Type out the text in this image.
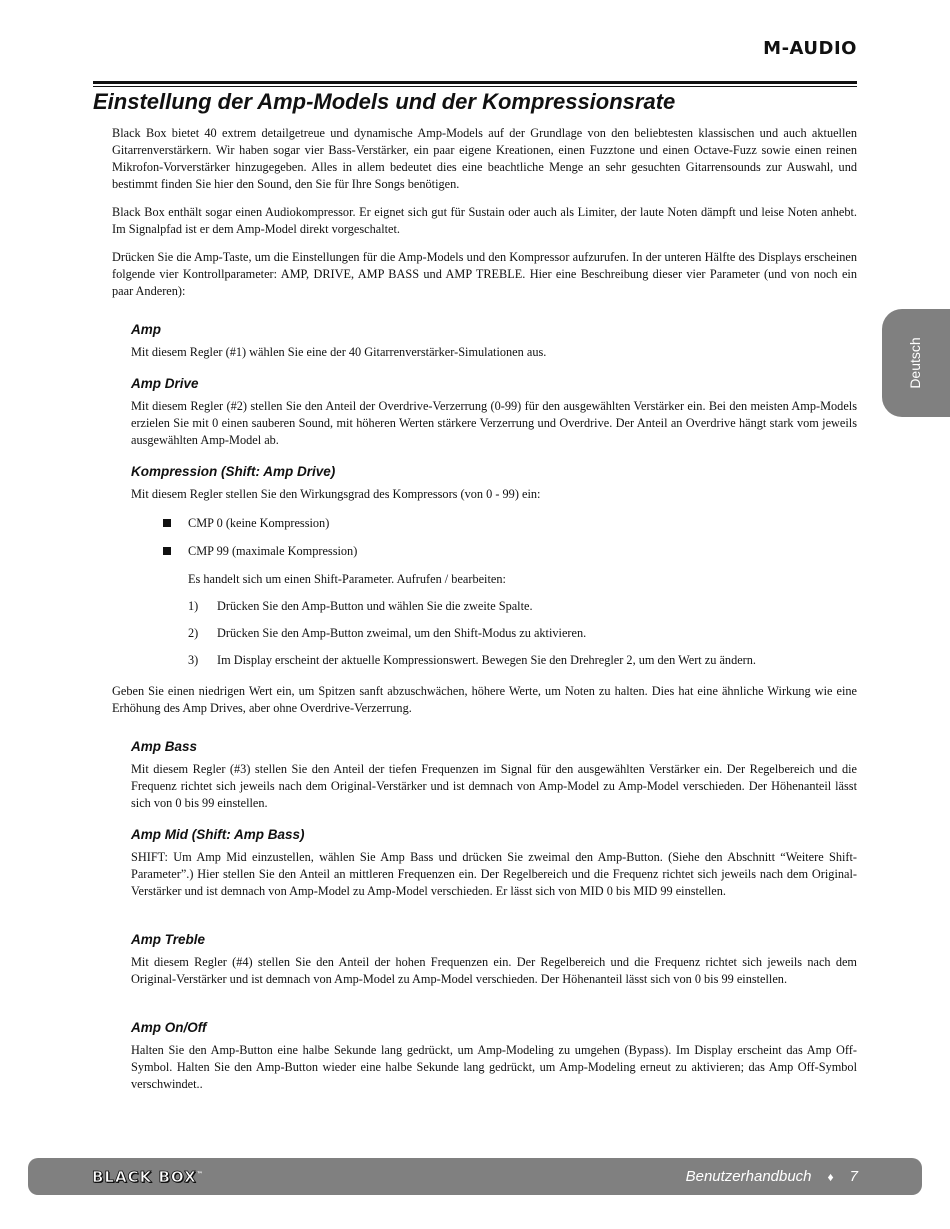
M-AUDIO
Einstellung der Amp-Models und der Kompressionsrate
Deutsch

Black Box bietet 40 extrem detailgetreue und dynamische Amp-Models auf der Grundlage von den beliebtesten klassischen und auch aktuellen Gitarrenverstärkern. Wir haben sogar vier Bass-Verstärker, ein paar eigene Kreationen, einen Fuzztone und einen Octave-Fuzz sowie einen reinen Mikrofon-Vorverstärker hinzugegeben. Alles in allem bedeutet dies eine beachtliche Menge an sehr gesuchten Gitarrensounds zur Auswahl, und bestimmt finden Sie hier den Sound, den Sie für Ihre Songs benötigen.

Black Box enthält sogar einen Audiokompressor. Er eignet sich gut für Sustain oder auch als Limiter, der laute Noten dämpft und leise Noten anhebt. Im Signalpfad ist er dem Amp-Model direkt vorgeschaltet.

Drücken Sie die Amp-Taste, um die Einstellungen für die Amp-Models und den Kompressor aufzurufen. In der unteren Hälfte des Displays erscheinen folgende vier Kontrollparameter: AMP, DRIVE, AMP BASS und AMP TREBLE. Hier eine Beschreibung dieser vier Parameter (und von noch ein paar Anderen):

Amp

Mit diesem Regler (#1) wählen Sie eine der 40 Gitarrenverstärker-Simulationen aus.

Amp Drive

Mit diesem Regler (#2) stellen Sie den Anteil der Overdrive-Verzerrung (0-99) für den ausgewählten Verstärker ein. Bei den meisten Amp-Models erzielen Sie mit 0 einen sauberen Sound, mit höheren Werten stärkere Verzerrung und Overdrive. Der Anteil an Overdrive hängt stark vom jeweils ausgewählten Amp-Model ab.

Kompression (Shift: Amp Drive)

Mit diesem Regler stellen Sie den Wirkungsgrad des Kompressors (von 0 - 99) ein:

CMP 0 (keine Kompression)

CMP 99 (maximale Kompression)

Es handelt sich um einen Shift-Parameter. Aufrufen / bearbeiten:

1) Drücken Sie den Amp-Button und wählen Sie die zweite Spalte.

2) Drücken Sie den Amp-Button zweimal, um den Shift-Modus zu aktivieren.

3) Im Display erscheint der aktuelle Kompressionswert. Bewegen Sie den Drehregler 2, um den Wert zu ändern.

Geben Sie einen niedrigen Wert ein, um Spitzen sanft abzuschwächen, höhere Werte, um Noten zu halten. Dies hat eine ähnliche Wirkung wie eine Erhöhung des Amp Drives, aber ohne Overdrive-Verzerrung.

Amp Bass

Mit diesem Regler (#3) stellen Sie den Anteil der tiefen Frequenzen im Signal für den ausgewählten Verstärker ein. Der Regelbereich und die Frequenz richtet sich jeweils nach dem Original-Verstärker und ist demnach von Amp-Model zu Amp-Model verschieden. Der Höhenanteil lässt sich von 0 bis 99 einstellen.

Amp Mid (Shift: Amp Bass)

SHIFT: Um Amp Mid einzustellen, wählen Sie Amp Bass und drücken Sie zweimal den Amp-Button. (Siehe den Abschnitt “Weitere Shift-Parameter”.) Hier stellen Sie den Anteil an mittleren Frequenzen ein. Der Regelbereich und die Frequenz richtet sich jeweils nach dem Original-Verstärker und ist demnach von Amp-Model zu Amp-Model verschieden. Er lässt sich von MID 0 bis MID 99 einstellen.

Amp Treble

Mit diesem Regler (#4) stellen Sie den Anteil der hohen Frequenzen ein. Der Regelbereich und die Frequenz richtet sich jeweils nach dem Original-Verstärker und ist demnach von Amp-Model zu Amp-Model verschieden. Der Höhenanteil lässt sich von 0 bis 99 einstellen.

Amp On/Off

Halten Sie den Amp-Button eine halbe Sekunde lang gedrückt, um Amp-Modeling zu umgehen (Bypass). Im Display erscheint das Amp Off-Symbol. Halten Sie den Amp-Button wieder eine halbe Sekunde lang gedrückt, um Amp-Modeling erneut zu aktivieren; das Amp Off-Symbol verschwindet..

BLACK BOX™	Benutzerhandbuch ♦ 7
